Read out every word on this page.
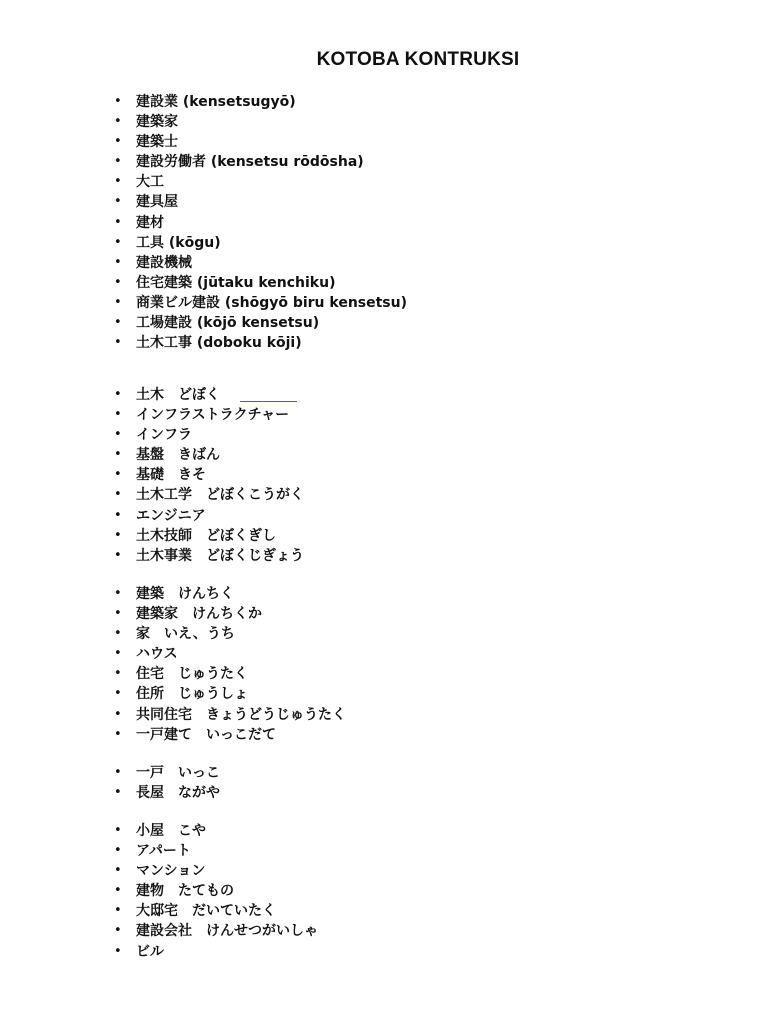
KOTOBA KONTRUKSI
• 建設業 (kensetsugyō)
• 建築家
• 建築士
• 建設労働者 (kensetsu rōdōsha)
• 大工
• 建具屋
• 建材
• 工具 (kōgu)
• 建設機械
• 住宅建築 (jūtaku kenchiku)
• 商業ビル建設 (shōgyō biru kensetsu)
• 工場建設 (kōjō kensetsu)
• 土木工事 (doboku kōji)
• 土木　どぼく
• インフラストラクチャー
• インフラ
• 基盤　きばん
• 基礎　きそ
• 土木工学　どぼくこうがく
• エンジニア
• 土木技師　どぼくぎし
• 土木事業　どぼくじぎょう
• 建築　けんちく
• 建築家　けんちくか
• 家　いえ、うち
• ハウス
• 住宅　じゅうたく
• 住所　じゅうしょ
• 共同住宅　きょうどうじゅうたく
• 一戸建て　いっこだて
• 一戸　いっこ
• 長屋　ながや
• 小屋　こや
• アパート
• マンション
• 建物　たてもの
• 大邸宅　だいていたく
• 建設会社　けんせつがいしゃ
• ビル
